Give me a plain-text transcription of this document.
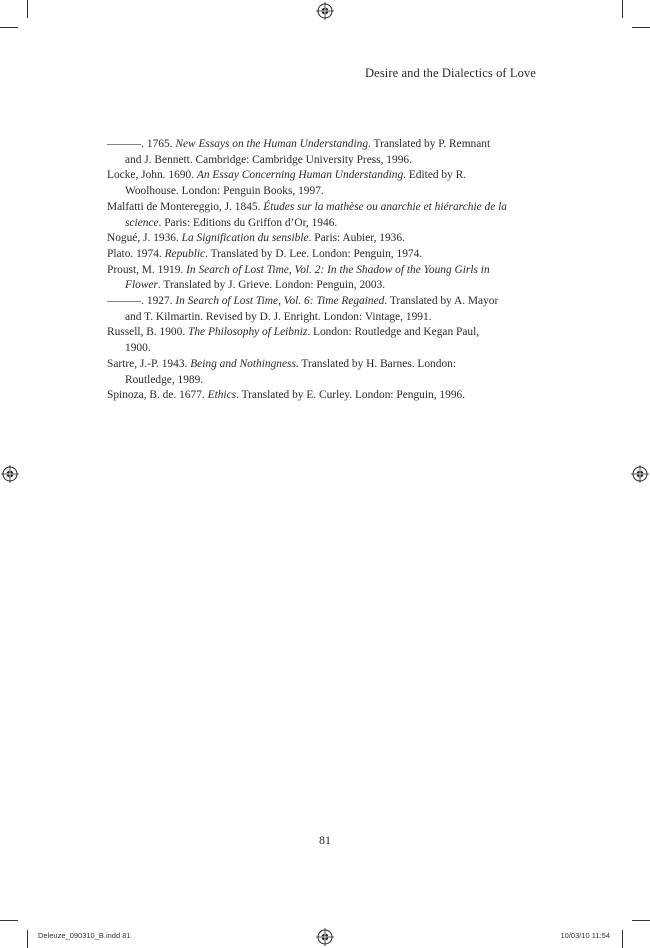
Desire and the Dialectics of Love
———. 1765. New Essays on the Human Understanding. Translated by P. Remnant
and J. Bennett. Cambridge: Cambridge University Press, 1996.
Locke, John. 1690. An Essay Concerning Human Understanding. Edited by R.
Woolhouse. London: Penguin Books, 1997.
Malfatti de Montereggio, J. 1845. Études sur la mathèse ou anarchie et hiérarchie de la
science. Paris: Editions du Griffon d’Or, 1946.
Nogué, J. 1936. La Signification du sensible. Paris: Aubier, 1936.
Plato. 1974. Republic. Translated by D. Lee. London: Penguin, 1974.
Proust, M. 1919. In Search of Lost Time, Vol. 2: In the Shadow of the Young Girls in
Flower. Translated by J. Grieve. London: Penguin, 2003.
———. 1927. In Search of Lost Time, Vol. 6: Time Regained. Translated by A. Mayor
and T. Kilmartin. Revised by D. J. Enright. London: Vintage, 1991.
Russell, B. 1900. The Philosophy of Leibniz. London: Routledge and Kegan Paul,
1900.
Sartre, J.-P. 1943. Being and Nothingness. Translated by H. Barnes. London:
Routledge, 1989.
Spinoza, B. de. 1677. Ethics. Translated by E. Curley. London: Penguin, 1996.
81
Deleuze_090310_B.indd 81	10/03/10 11:54
